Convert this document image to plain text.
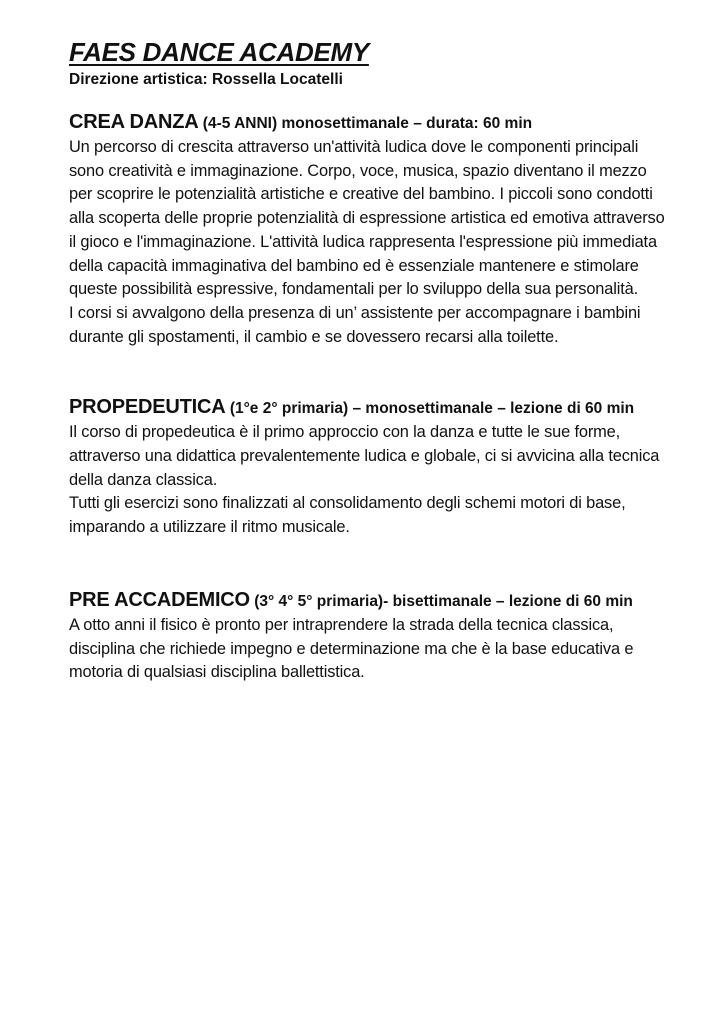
FAES DANCE ACADEMY

Direzione artistica: Rossella Locatelli

CREA DANZA (4-5 ANNI) monosettimanale – durata: 60 min

Un percorso di crescita attraverso un'attività ludica dove le componenti principali sono creatività e immaginazione. Corpo, voce, musica, spazio diventano il mezzo per scoprire le potenzialità artistiche e creative del bambino. I piccoli sono condotti alla scoperta delle proprie potenzialità di espressione artistica ed emotiva attraverso il gioco e l'immaginazione. L'attività ludica rappresenta l'espressione più immediata della capacità immaginativa del bambino ed è essenziale mantenere e stimolare queste possibilità espressive, fondamentali per lo sviluppo della sua personalità.

I corsi si avvalgono della presenza di un’ assistente per accompagnare i bambini durante gli spostamenti, il cambio e se dovessero recarsi alla toilette.

PROPEDEUTICA (1°e 2° primaria) – monosettimanale – lezione di 60 min

Il corso di propedeutica è il primo approccio con la danza e tutte le sue forme, attraverso una didattica prevalentemente ludica e globale, ci si avvicina alla tecnica della danza classica.

Tutti gli esercizi sono finalizzati al consolidamento degli schemi motori di base, imparando a utilizzare il ritmo musicale.

PRE ACCADEMICO (3° 4° 5° primaria)- bisettimanale – lezione di 60 min

A otto anni il fisico è pronto per intraprendere la strada della tecnica classica, disciplina che richiede impegno e determinazione ma che è la base educativa e motoria di qualsiasi disciplina ballettistica.
